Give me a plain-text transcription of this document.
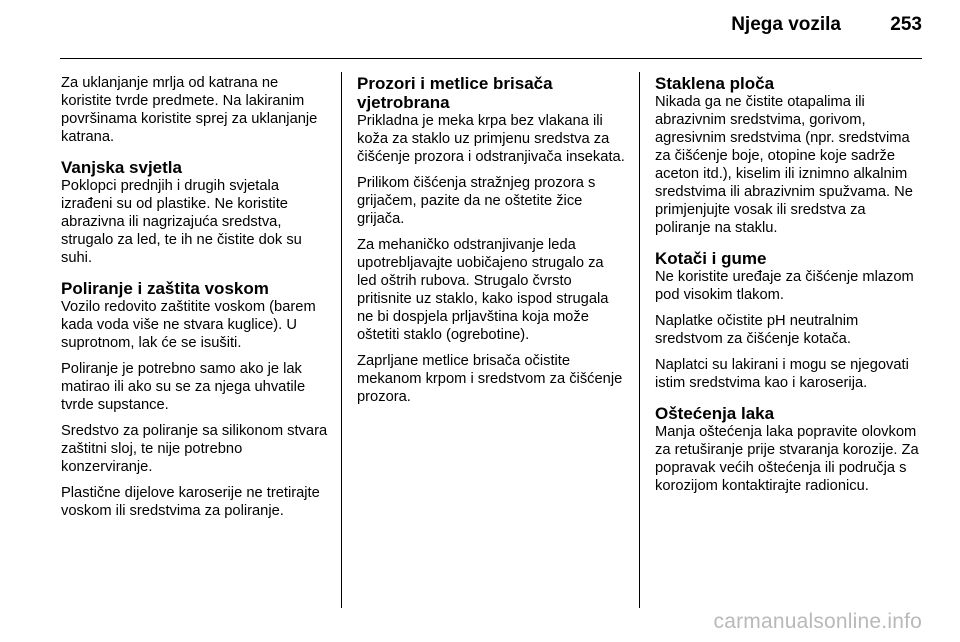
Njega vozila	253

Za uklanjanje mrlja od katrana ne koristite tvrde predmete. Na lakiranim površinama koristite sprej za uklanjanje katrana.

Vanjska svjetla

Poklopci prednjih i drugih svjetala izrađeni su od plastike. Ne koristite abrazivna ili nagrizajuća sredstva, strugalo za led, te ih ne čistite dok su suhi.

Poliranje i zaštita voskom

Vozilo redovito zaštitite voskom (barem kada voda više ne stvara kuglice). U suprotnom, lak će se isušiti.

Poliranje je potrebno samo ako je lak matirao ili ako su se za njega uhvatile tvrde supstance.

Sredstvo za poliranje sa silikonom stvara zaštitni sloj, te nije potrebno konzerviranje.

Plastične dijelove karoserije ne tretirajte voskom ili sredstvima za poliranje.

Prozori i metlice brisača vjetrobrana

Prikladna je meka krpa bez vlakana ili koža za staklo uz primjenu sredstva za čišćenje prozora i odstranjivača insekata.

Prilikom čišćenja stražnjeg prozora s grijačem, pazite da ne oštetite žice grijača.

Za mehaničko odstranjivanje leda upotrebljavajte uobičajeno strugalo za led oštrih rubova. Strugalo čvrsto pritisnite uz staklo, kako ispod strugala ne bi dospjela prljavština koja može oštetiti staklo (ogrebotine).

Zaprljane metlice brisača očistite mekanom krpom i sredstvom za čišćenje prozora.

Staklena ploča

Nikada ga ne čistite otapalima ili abrazivnim sredstvima, gorivom, agresivnim sredstvima (npr. sredstvima za čišćenje boje, otopine koje sadrže aceton itd.), kiselim ili iznimno alkalnim sredstvima ili abrazivnim spužvama. Ne primjenjujte vosak ili sredstva za poliranje na staklu.

Kotači i gume

Ne koristite uređaje za čišćenje mlazom pod visokim tlakom.

Naplatke očistite pH neutralnim sredstvom za čišćenje kotača.

Naplatci su lakirani i mogu se njegovati istim sredstvima kao i karoserija.

Oštećenja laka

Manja oštećenja laka popravite olovkom za retuširanje prije stvaranja korozije. Za popravak većih oštećenja ili područja s korozijom kontaktirajte radionicu.

carmanualsonline.info
